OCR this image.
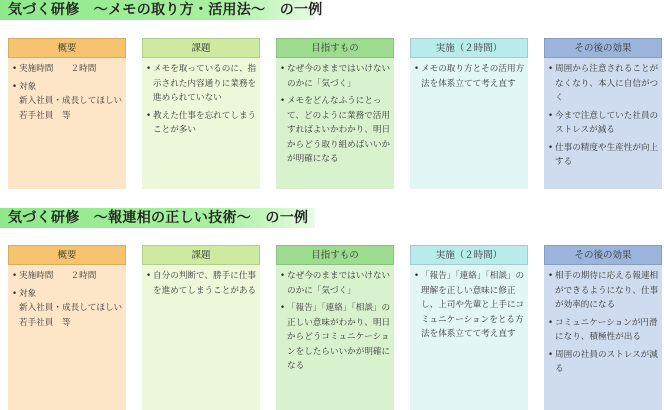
気づく研修　～メモの取り方・活用法～　の一例
概要
• 実施時間　　２時間
• 対象
新入社員・成長してほしい若手社員　等
課題
• メモを取っているのに、指示された内容通りに業務を進められていない
• 教えた仕事を忘れてしまうことが多い
目指すもの
• なぜ今のままではいけないのかに「気づく」
• メモをどんなふうにとって、どのように業務で活用すればよいかわかり、明日からどう取り組めばいいかが明確になる
実施（２時間）
• メモの取り方とその活用方法を体系立てて考え直す
その後の効果
• 周囲から注意されることがなくなり、本人に自信がつく
• 今まで注意していた社員のストレスが減る
• 仕事の精度や生産性が向上する
気づく研修　～報連相の正しい技術～　の一例
概要
• 実施時間　　２時間
• 対象
新入社員・成長してほしい若手社員　等
課題
• 自分の判断で、勝手に仕事を進めてしまうことがある
目指すもの
• なぜ今のままではいけないのかに「気づく」
• 「報告」「連絡」「相談」の正しい意味がわかり、明日からどうコミュニケーションをしたらいいかが明確になる
実施（２時間）
• 「報告」「連絡」「相談」の理解を正しい意味に修正し、上司や先輩と上手にコミュニケーションをとる方法を体系立てて考え直す
その後の効果
• 相手の期待に応える報連相ができるようになり、仕事が効率的になる
• コミュニケーションが円滑になり、積極性が出る
• 周囲の社員のストレスが減る
